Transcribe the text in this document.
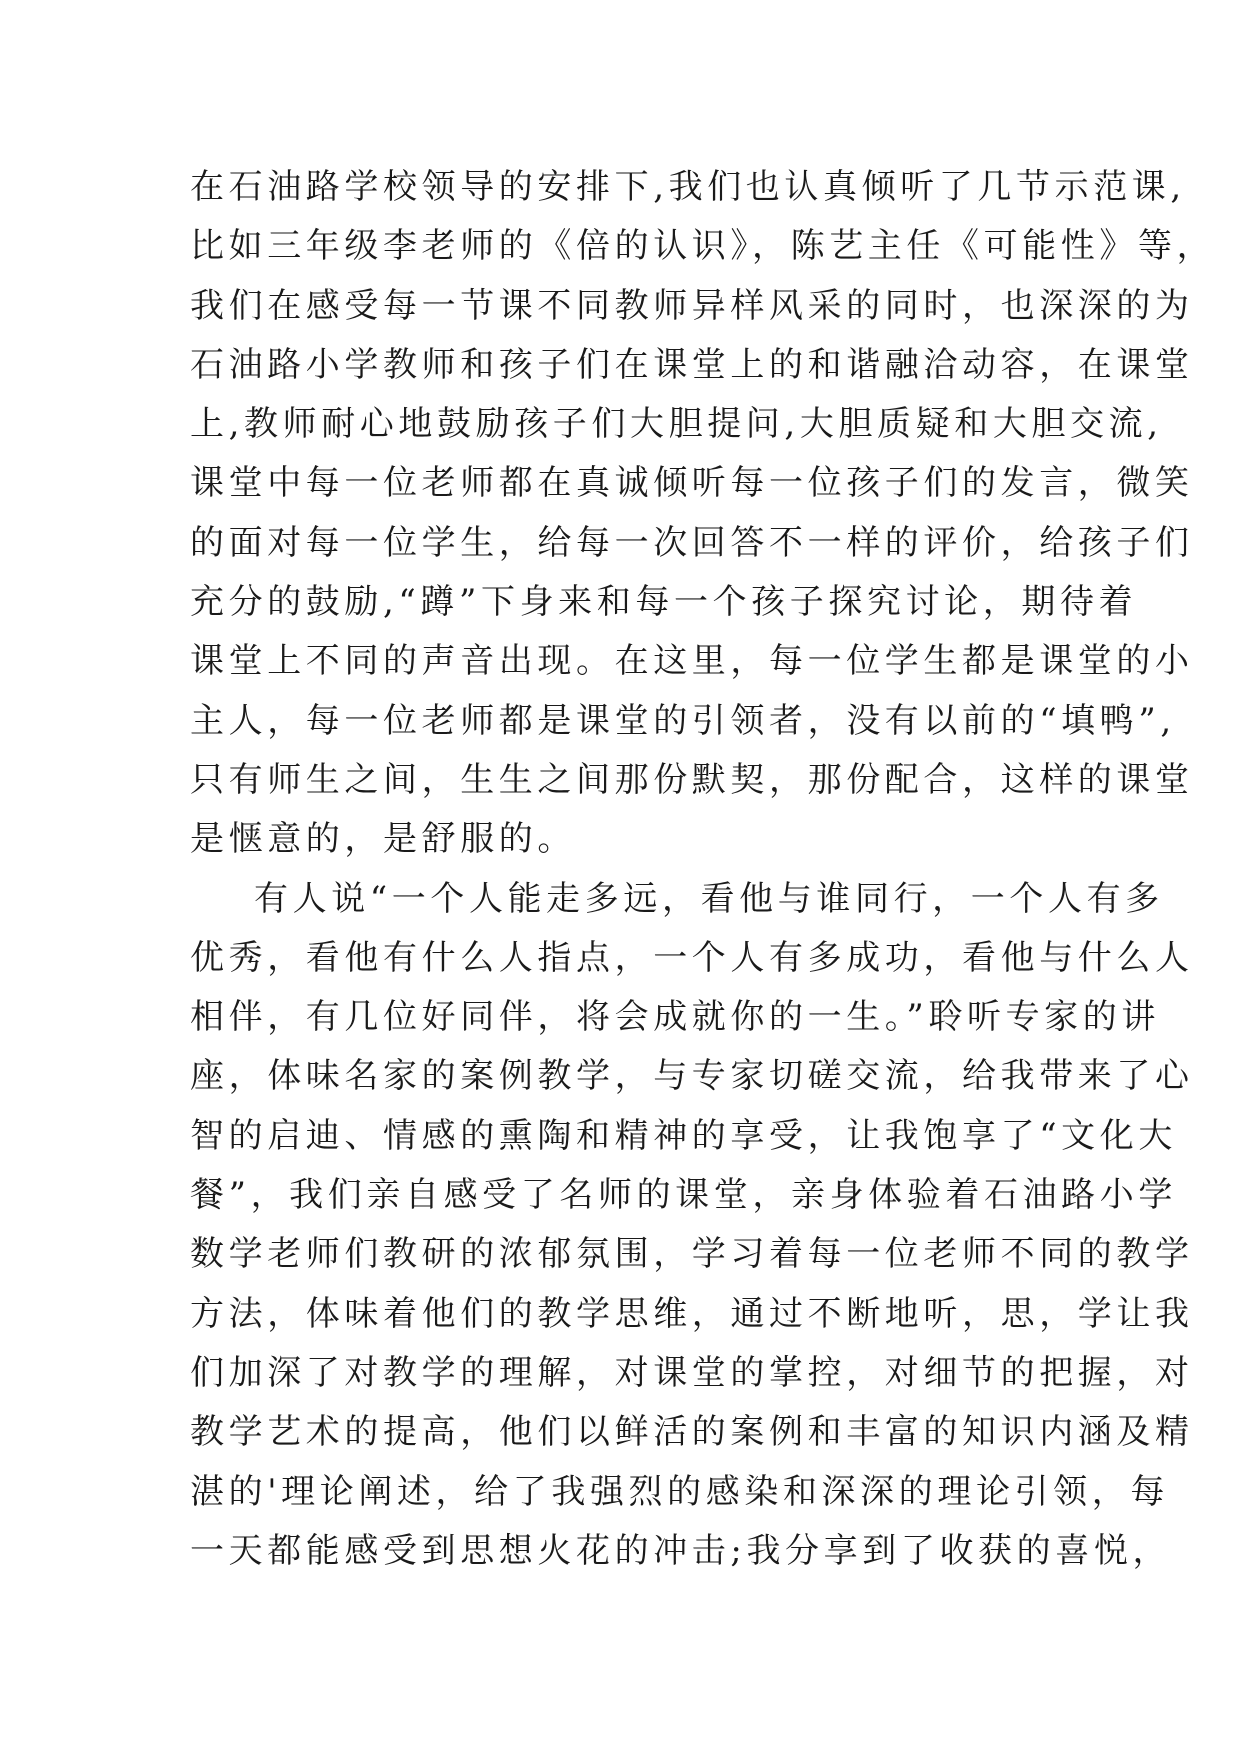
在石油路学校领导的安排下,我们也认真倾听了几节示范课,
比如三年级李老师的《倍的认识》，陈艺主任《可能性》等，
我们在感受每一节课不同教师异样风采的同时，也深深的为
石油路小学教师和孩子们在课堂上的和谐融洽动容，在课堂
上,教师耐心地鼓励孩子们大胆提问,大胆质疑和大胆交流,
课堂中每一位老师都在真诚倾听每一位孩子们的发言，微笑
的面对每一位学生，给每一次回答不一样的评价，给孩子们
充分的鼓励,“蹲”下身来和每一个孩子探究讨论，期待着
课堂上不同的声音出现。在这里，每一位学生都是课堂的小
主人，每一位老师都是课堂的引领者，没有以前的“填鸭”,
只有师生之间，生生之间那份默契，那份配合，这样的课堂
是惬意的，是舒服的。
有人说“一个人能走多远，看他与谁同行，一个人有多
优秀，看他有什么人指点，一个人有多成功，看他与什么人
相伴，有几位好同伴，将会成就你的一生。”聆听专家的讲
座，体味名家的案例教学，与专家切磋交流，给我带来了心
智的启迪、情感的熏陶和精神的享受，让我饱享了“文化大
餐”，我们亲自感受了名师的课堂，亲身体验着石油路小学
数学老师们教研的浓郁氛围，学习着每一位老师不同的教学
方法，体味着他们的教学思维，通过不断地听，思，学让我
们加深了对教学的理解，对课堂的掌控，对细节的把握，对
教学艺术的提高，他们以鲜活的案例和丰富的知识内涵及精
湛的'理论阐述，给了我强烈的感染和深深的理论引领，每
一天都能感受到思想火花的冲击;我分享到了收获的喜悦，
